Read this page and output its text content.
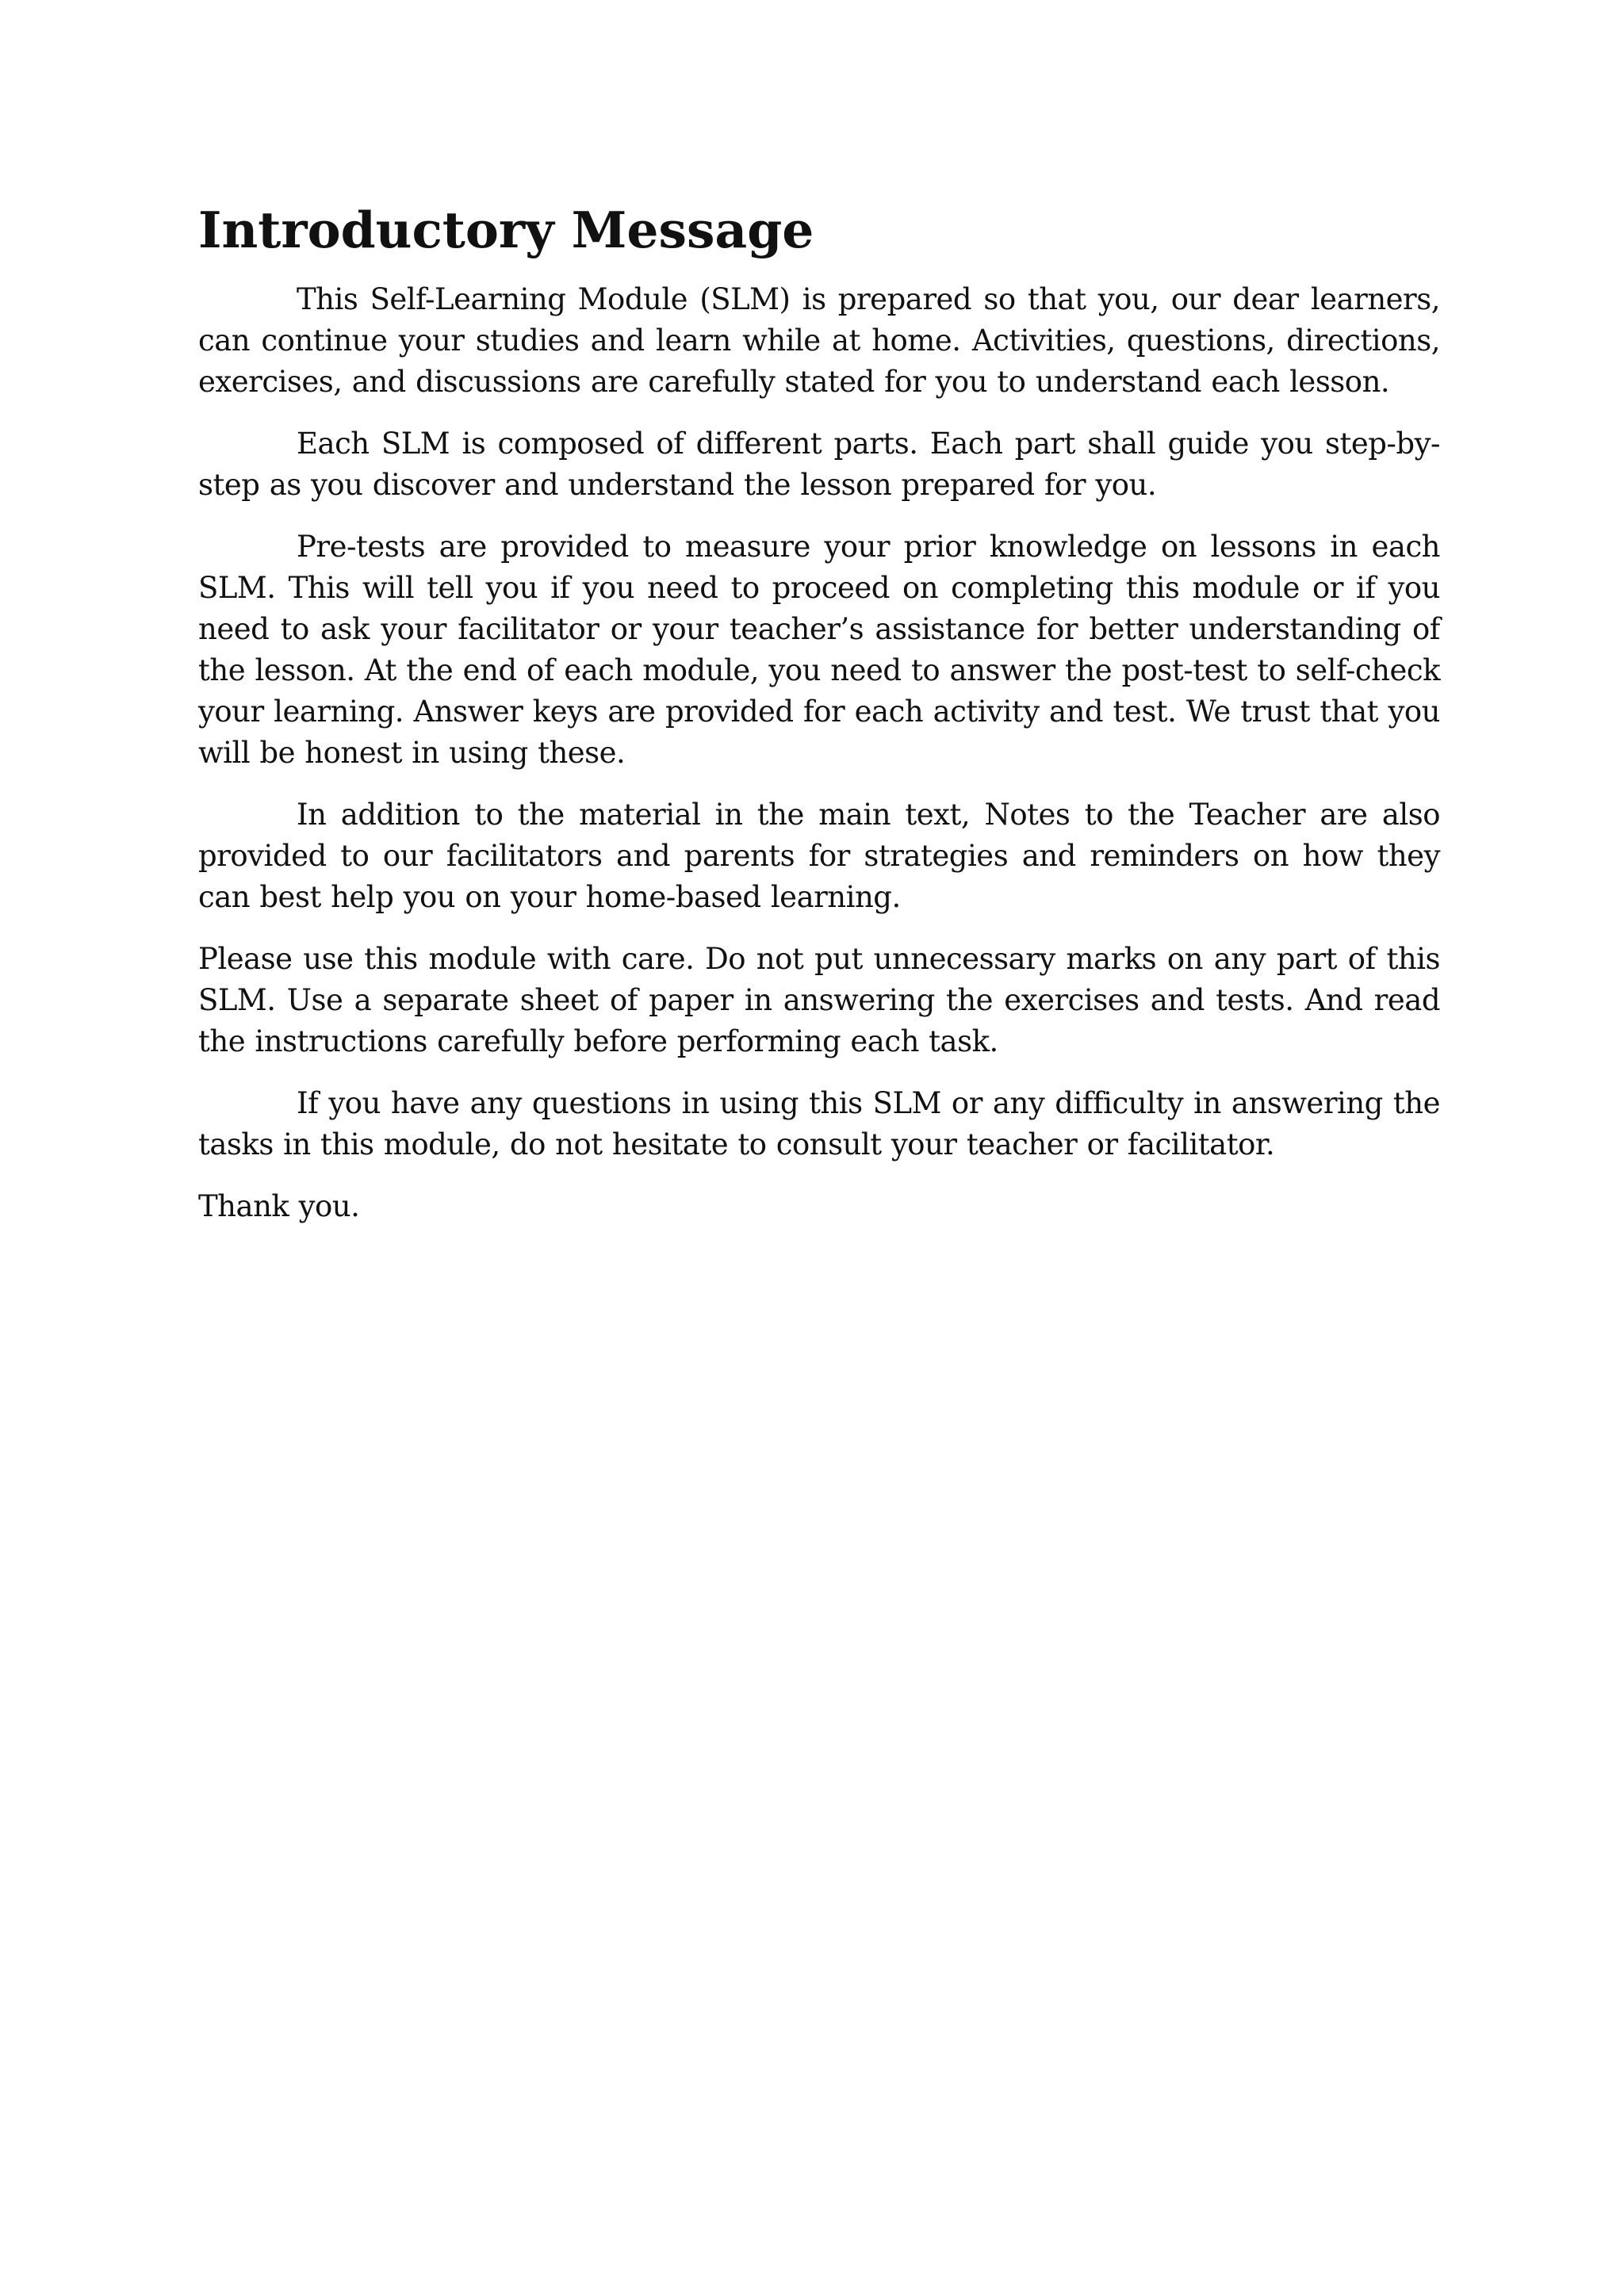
Introductory Message

This Self-Learning Module (SLM) is prepared so that you, our dear learners, can continue your studies and learn while at home. Activities, questions, directions, exercises, and discussions are carefully stated for you to understand each lesson.

Each SLM is composed of different parts. Each part shall guide you step-by-step as you discover and understand the lesson prepared for you.

Pre-tests are provided to measure your prior knowledge on lessons in each SLM. This will tell you if you need to proceed on completing this module or if you need to ask your facilitator or your teacher’s assistance for better understanding of the lesson. At the end of each module, you need to answer the post-test to self-check your learning. Answer keys are provided for each activity and test. We trust that you will be honest in using these.

In addition to the material in the main text, Notes to the Teacher are also provided to our facilitators and parents for strategies and reminders on how they can best help you on your home-based learning.

Please use this module with care. Do not put unnecessary marks on any part of this SLM. Use a separate sheet of paper in answering the exercises and tests. And read the instructions carefully before performing each task.

If you have any questions in using this SLM or any difficulty in answering the tasks in this module, do not hesitate to consult your teacher or facilitator.

Thank you.
